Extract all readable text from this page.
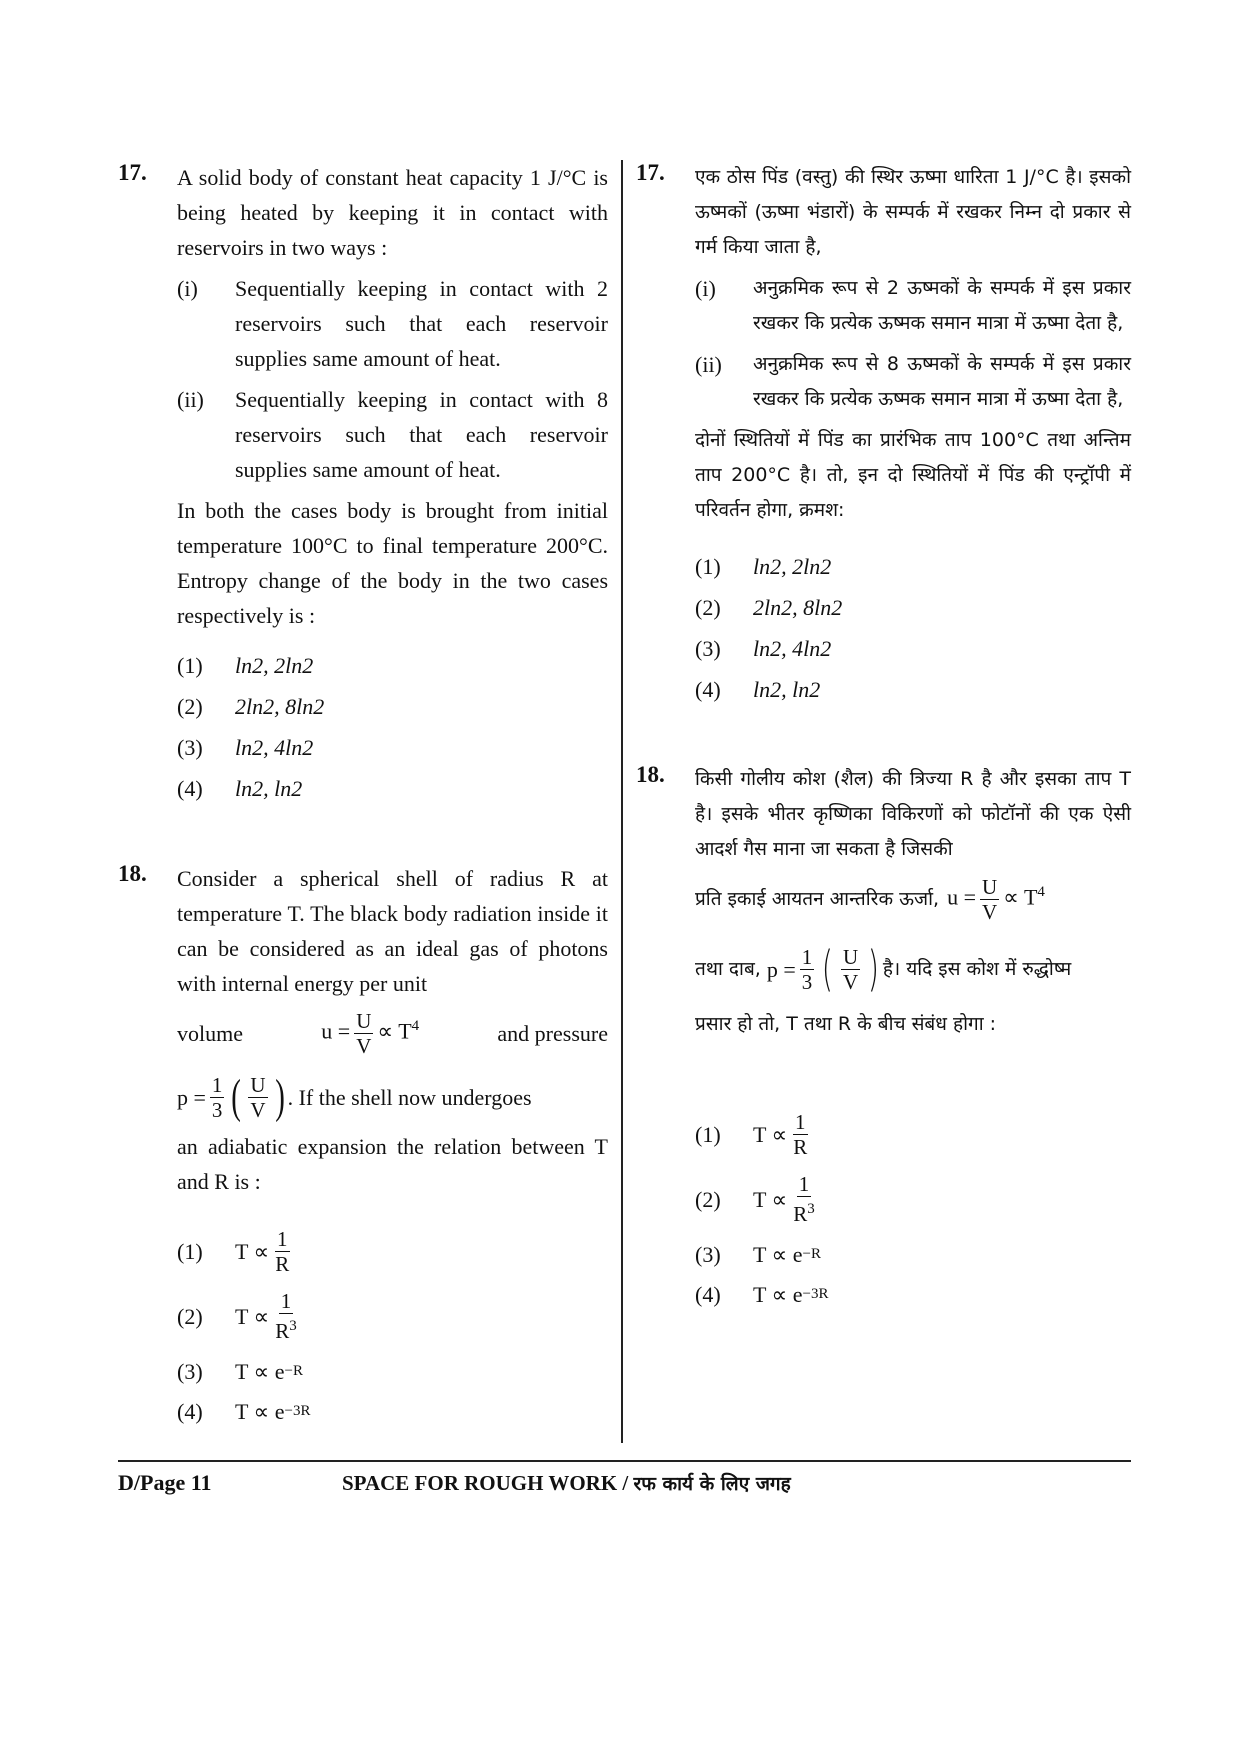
17. A solid body of constant heat capacity 1 J/°C is being heated by keeping it in contact with reservoirs in two ways :
(i)	Sequentially keeping in contact with 2 reservoirs such that each reservoir supplies same amount of heat.
(ii)	Sequentially keeping in contact with 8 reservoirs such that each reservoir supplies same amount of heat.
In both the cases body is brought from initial temperature 100°C to final temperature 200°C. Entropy change of the body in the two cases respectively is :
(1)	ln2, 2ln2
(2)	2ln2, 8ln2
(3)	ln2, 4ln2
(4)	ln2, ln2
18. Consider a spherical shell of radius R at temperature T. The black body radiation inside it can be considered as an ideal gas of photons with internal energy per unit
volume	$u = \frac{U}{V} \propto T^4$	and pressure
$p = \frac{1}{3}$ ( $\frac{U}{V}$ ) . If the shell now undergoes
an adiabatic expansion the relation between T and R is :
(1)	$T \propto \frac{1}{R}$
(2)	$T \propto \frac{1}{R^3}$
(3)	T ∝ e −R
(4)	T ∝ e −3R
17. एक ठोस पिंड (वस्तु) की स्थिर ऊष्मा धारिता 1 J/°C है। इसको ऊष्मकों (ऊष्मा भंडारों) के सम्पर्क में रखकर निम्न दो प्रकार से गर्म किया जाता है,
(i)	अनुक्रमिक रूप से 2 ऊष्मकों के सम्पर्क में इस प्रकार रखकर कि प्रत्येक ऊष्मक समान मात्रा में ऊष्मा देता है,
(ii)	अनुक्रमिक रूप से 8 ऊष्मकों के सम्पर्क में इस प्रकार रखकर कि प्रत्येक ऊष्मक समान मात्रा में ऊष्मा देता है,
दोनों स्थितियों में पिंड का प्रारंभिक ताप 100°C तथा अन्तिम ताप 200°C है। तो, इन दो स्थितियों में पिंड की एन्ट्रॉपी में परिवर्तन होगा, क्रमश:
(1)	ln2, 2ln2
(2)	2ln2, 8ln2
(3)	ln2, 4ln2
(4)	ln2, ln2
18. किसी गोलीय कोश (शैल) की त्रिज्या R है और इसका ताप T है। इसके भीतर कृष्णिका विकिरणों को फोटॉनों की एक ऐसी आदर्श गैस माना जा सकता है जिसकी
प्रति इकाई आयतन आन्तरिक ऊर्जा, $u = \frac{U}{V} \propto T^4$
तथा दाब, $p = \frac{1}{3}$ ( $\frac{U}{V}$ ) है। यदि इस कोश में रुद्धोष्म
प्रसार हो तो, T तथा R के बीच संबंध होगा :
(1)	$T \propto \frac{1}{R}$
(2)	$T \propto \frac{1}{R^3}$
(3)	T ∝ e −R
(4)	T ∝ e −3R
D/Page 11	SPACE FOR ROUGH WORK / रफ कार्य के लिए जगह
